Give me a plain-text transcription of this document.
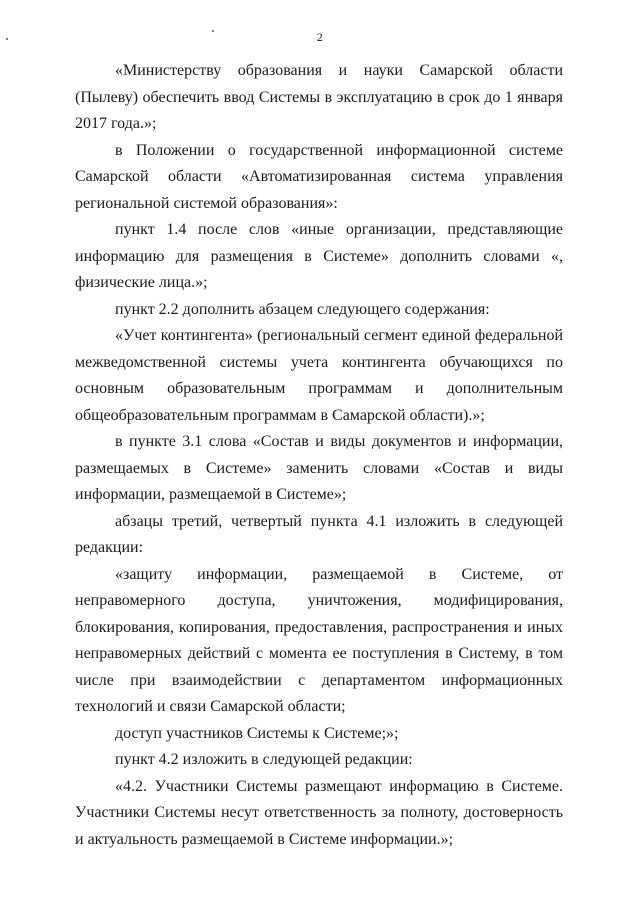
2

«Министерству образования и науки Самарской области (Пылеву) обеспечить ввод Системы в эксплуатацию в срок до 1 января 2017 года.»;

в Положении о государственной информационной системе Самарской области «Автоматизированная система управления региональной системой образования»:

пункт 1.4 после слов «иные организации, представляющие информацию для размещения в Системе» дополнить словами «, физические лица.»;

пункт 2.2 дополнить абзацем следующего содержания:

«Учет контингента» (региональный сегмент единой федеральной межведомственной системы учета контингента обучающихся по основным образовательным программам и дополнительным общеобразовательным программам в Самарской области).»;

в пункте 3.1 слова «Состав и виды документов и информации, размещаемых в Системе» заменить словами «Состав и виды информации, размещаемой в Системе»;

абзацы третий, четвертый пункта 4.1 изложить в следующей редакции:

«защиту информации, размещаемой в Системе, от неправомерного доступа, уничтожения, модифицирования, блокирования, копирования, предоставления, распространения и иных неправомерных действий с момента ее поступления в Систему, в том числе при взаимодействии с департаментом информационных технологий и связи Самарской области;

доступ участников Системы к Системе;»;

пункт 4.2 изложить в следующей редакции:

«4.2. Участники Системы размещают информацию в Системе. Участники Системы несут ответственность за полноту, достоверность и актуальность размещаемой в Системе информации.»;
